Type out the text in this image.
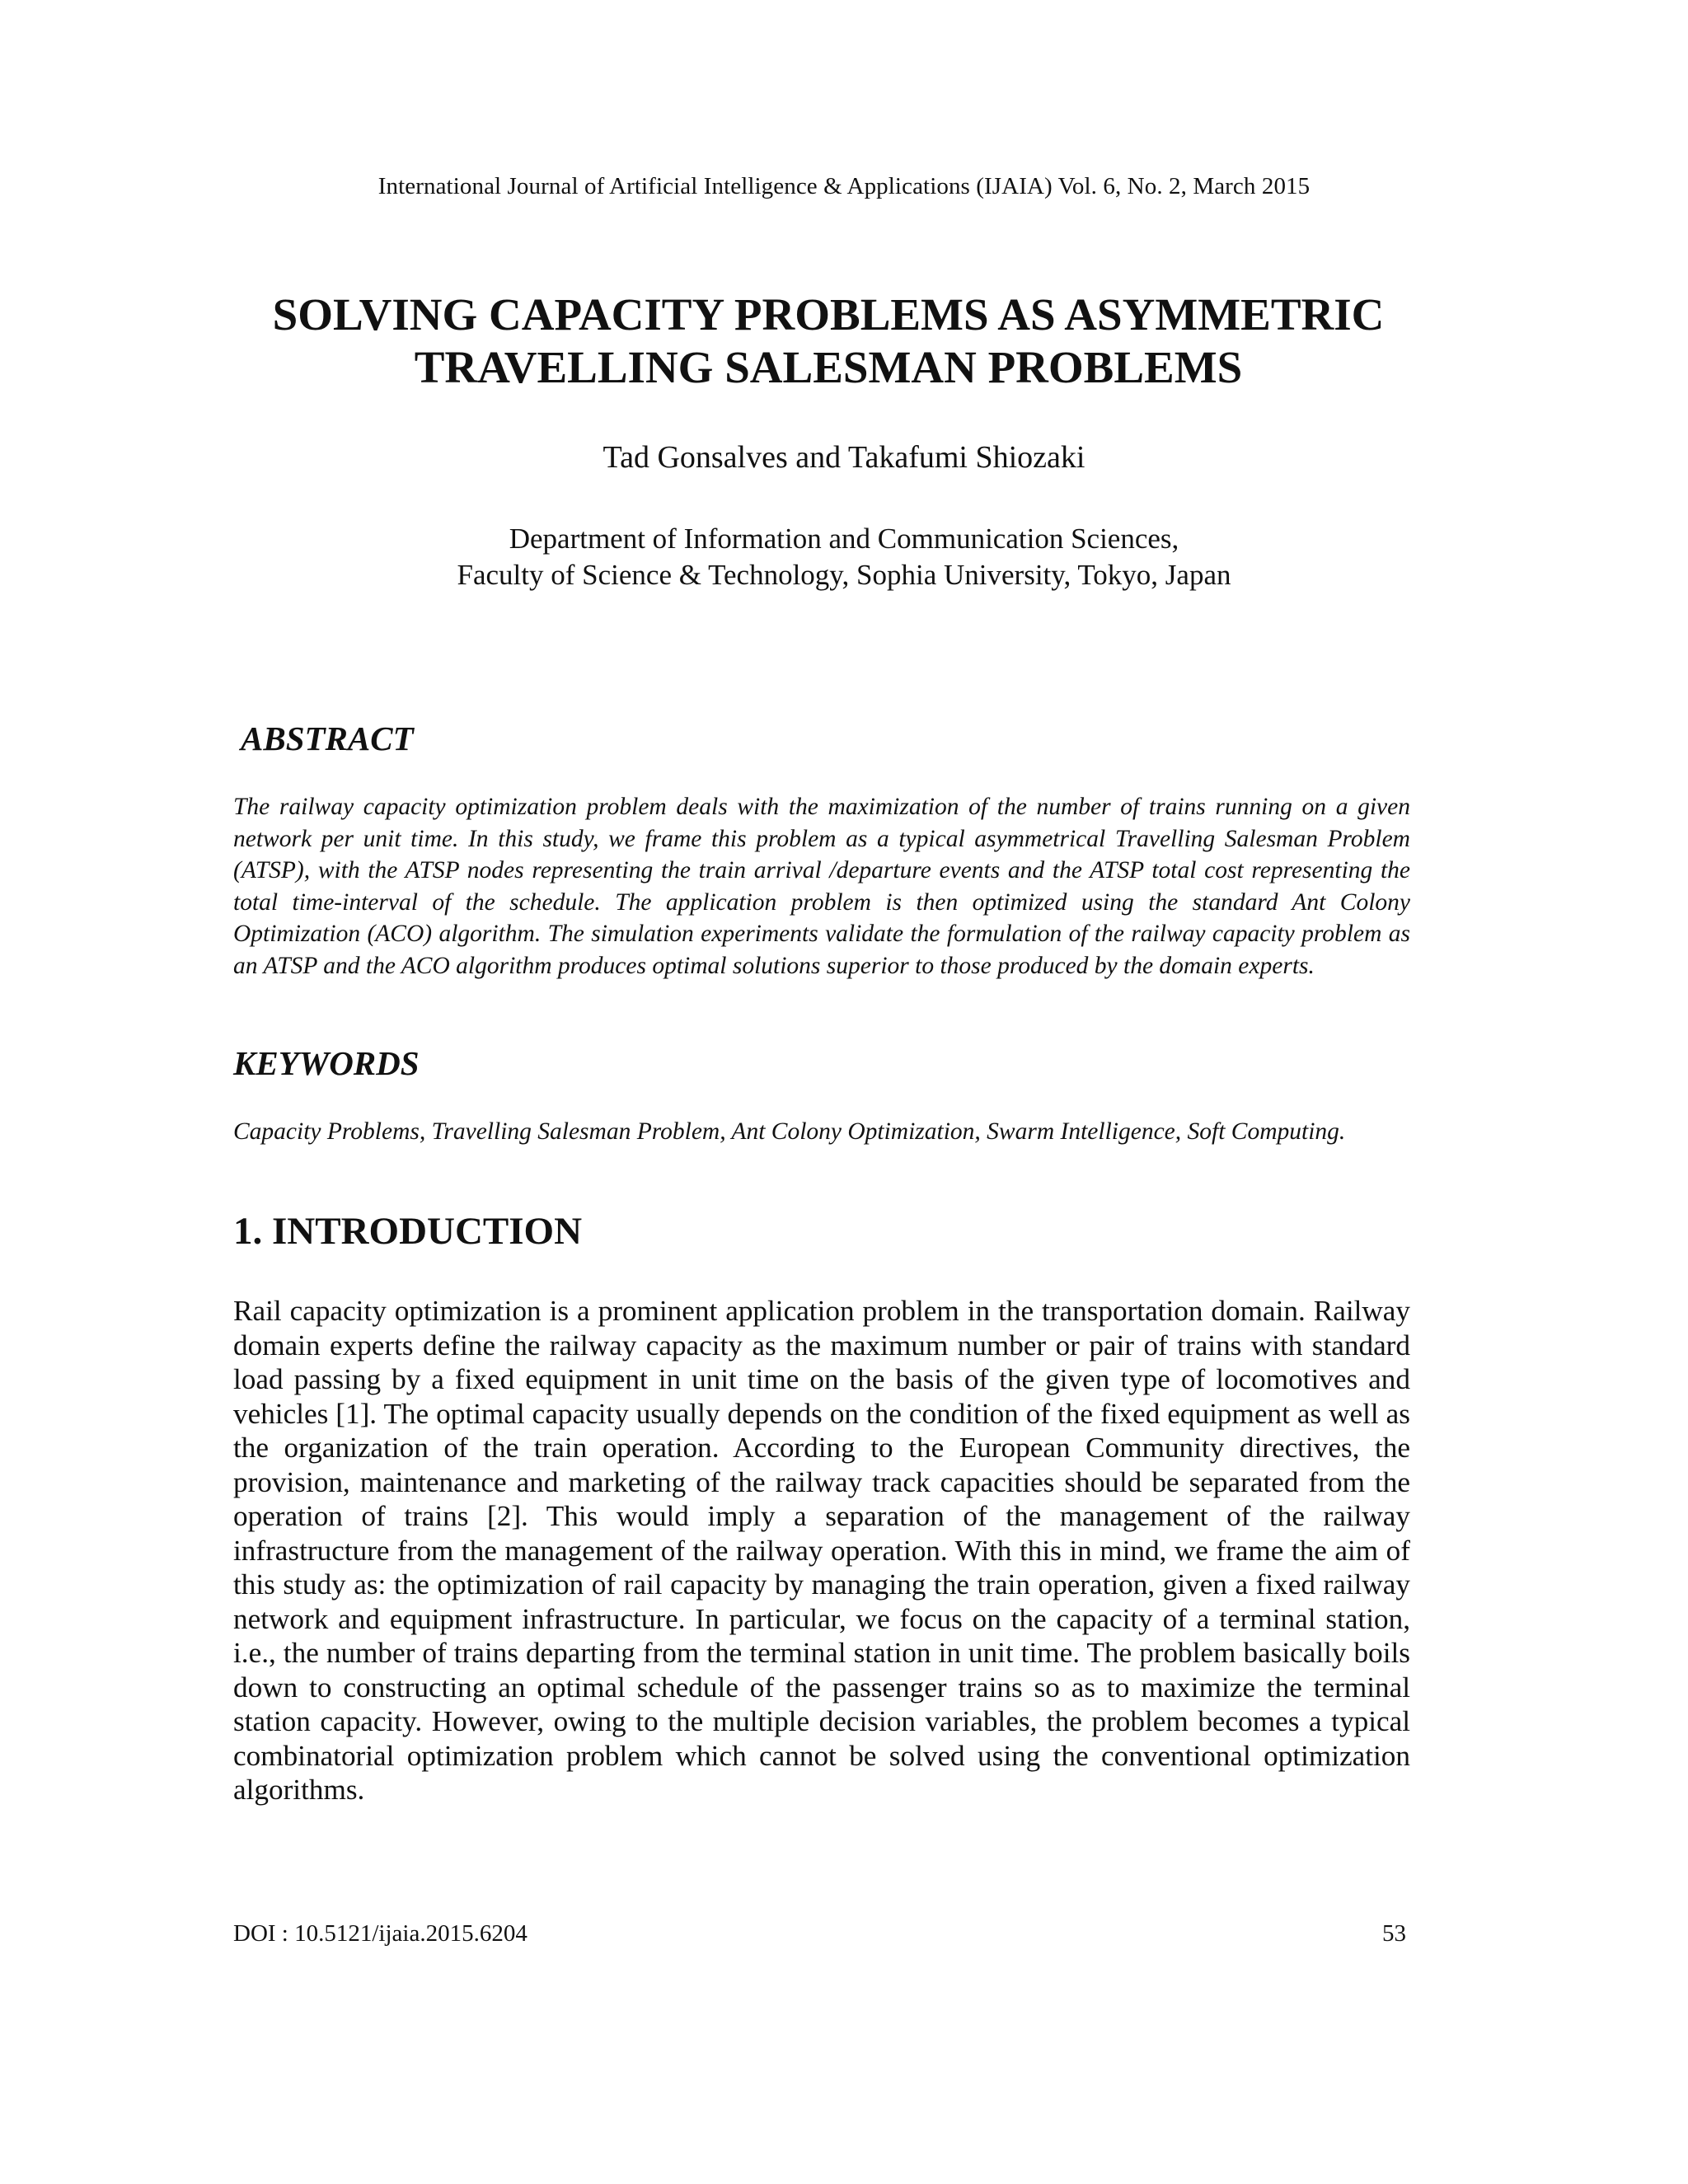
International Journal of Artificial Intelligence & Applications (IJAIA) Vol. 6, No. 2, March 2015
SOLVING CAPACITY PROBLEMS AS ASYMMETRIC
TRAVELLING SALESMAN PROBLEMS
Tad Gonsalves and Takafumi Shiozaki
Department of Information and Communication Sciences,
Faculty of Science & Technology, Sophia University, Tokyo, Japan
ABSTRACT
The railway capacity optimization problem deals with the maximization of the number of trains running on a given network per unit time. In this study, we frame this problem as a typical asymmetrical Travelling Salesman Problem (ATSP), with the ATSP nodes representing the train arrival /departure events and the ATSP total cost representing the total time-interval of the schedule. The application problem is then optimized using the standard Ant Colony Optimization (ACO) algorithm. The simulation experiments validate the formulation of the railway capacity problem as an ATSP and the ACO algorithm produces optimal solutions superior to those produced by the domain experts.
KEYWORDS
Capacity Problems, Travelling Salesman Problem, Ant Colony Optimization, Swarm Intelligence, Soft Computing.
1. INTRODUCTION
Rail capacity optimization is a prominent application problem in the transportation domain. Railway domain experts define the railway capacity as the maximum number or pair of trains with standard load passing by a fixed equipment in unit time on the basis of the given type of locomotives and vehicles [1]. The optimal capacity usually depends on the condition of the fixed equipment as well as the organization of the train operation. According to the European Community directives, the provision, maintenance and marketing of the railway track capacities should be separated from the operation of trains [2]. This would imply a separation of the management of the railway infrastructure from the management of the railway operation. With this in mind, we frame the aim of this study as: the optimization of rail capacity by managing the train operation, given a fixed railway network and equipment infrastructure. In particular, we focus on the capacity of a terminal station, i.e., the number of trains departing from the terminal station in unit time. The problem basically boils down to constructing an optimal schedule of the passenger trains so as to maximize the terminal station capacity. However, owing to the multiple decision variables, the problem becomes a typical combinatorial optimization problem which cannot be solved using the conventional optimization algorithms.
DOI : 10.5121/ijaia.2015.6204	53
